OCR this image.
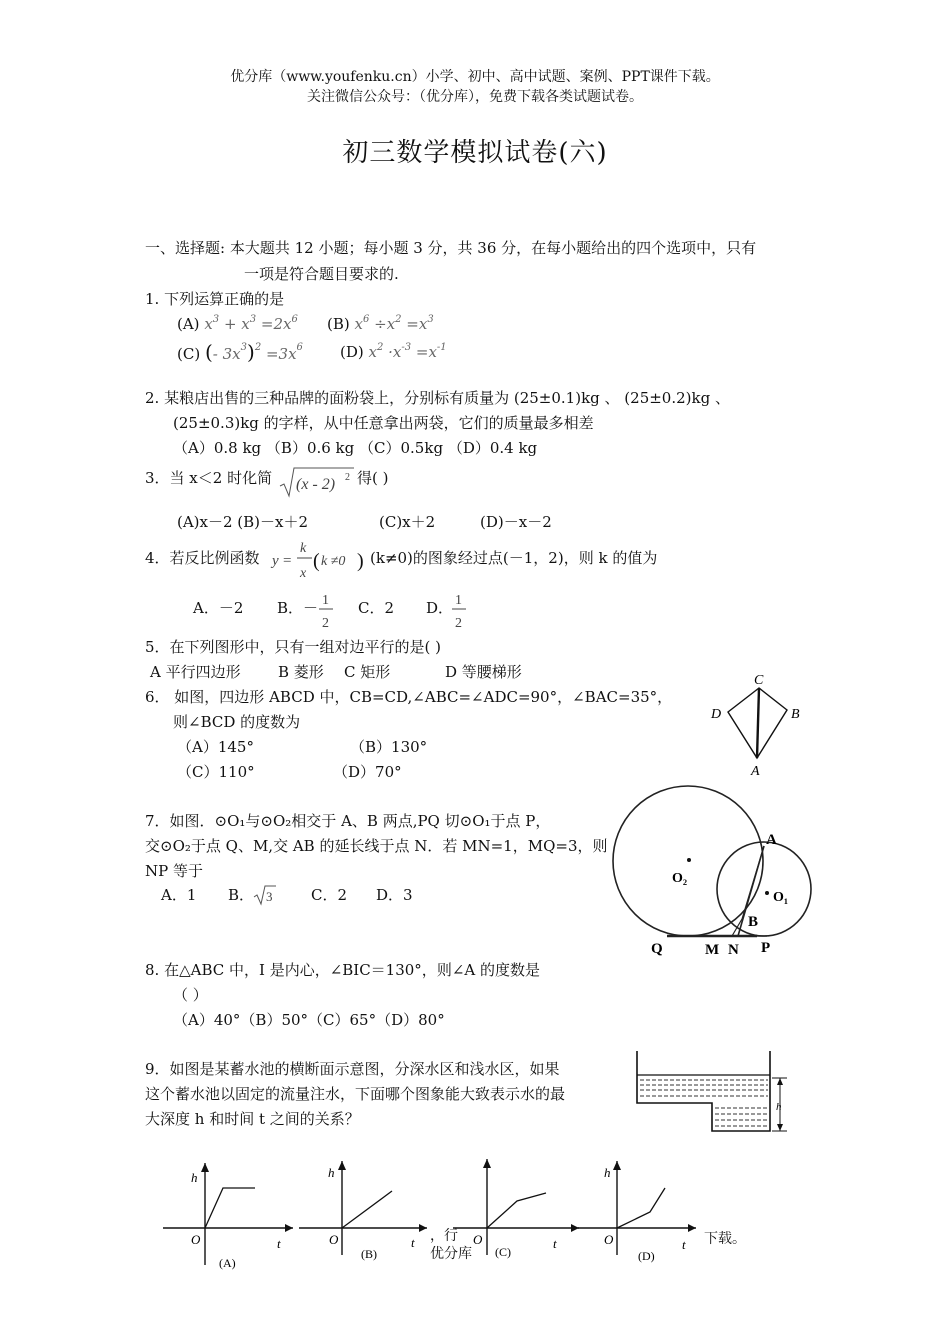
优分库（www.youfenku.cn）小学、初中、高中试题、案例、PPT课件下载。
关注微信公众号：（优分库），免费下载各类试题试卷。
初三数学模拟试卷(六)
一、选择题: 本大题共 12 小题；每小题 3 分，共 36 分，在每小题给出的四个选项中，只有
一项是符合题目要求的.
1. 下列运算正确的是
(A) $x^3 + x^3 =2x^6$ (B) $x^6 \div x^2 =x^3$
(C) (- $3x^3)^2 =3x^6$ (D) $x^2 \cdot x^{-3} =x^{-1}$
2. 某粮店出售的三种品牌的面粉袋上，分别标有质量为 (25±0.1)kg 、 (25±0.2)kg 、
(25±0.3)kg 的字样，从中任意拿出两袋，它们的质量最多相差
（A）0.8 kg （B）0.6 kg （C）0.5kg （D）0.4 kg
3．当 x＜2 时化简 (x - 2) 2 得( )
(A)x－2 (B)－x＋2	(C)x＋2	(D)－x－2
4．若反比例函数 y =
k
x
( k ≠0 ) (k≠0)的图象经过点(－1，2)，则 k 的值为
A．－2 B．－ 1
2
C．2 D． 1
2
5．在下列图形中，只有一组对边平行的是( )
A 平行四边形 B 菱形 C 矩形	D 等腰梯形
6． 如图，四边形 ABCD 中，CB=CD,∠ABC=∠ADC=90°，∠BAC=35°，
则∠BCD 的度数为
（A）145°	（B）130°
（C）110°	（D）70°
C
D	B
A
7．如图．⊙O₁与⊙O₂相交于 A、B 两点,PQ 切⊙O₁于点 P，
交⊙O₂于点 Q、M,交 AB 的延长线于点 N．若 MN=1，MQ=3，则
NP 等于
A．1 B． 3	C．2 D．3
A
B
O₂
O₁
Q	M N P
8. 在△ABC 中，I 是内心，∠BIC＝130°，则∠A 的度数是
（ ）
（A）40°（B）50°（C）65°（D）80°
9．如图是某蓄水池的横断面示意图，分深水区和浅水区，如果
这个蓄水池以固定的流量注水，下面哪个图象能大致表示水的最
大深度 h 和时间 t 之间的关系？
h
h
O	t
(A)
h
O	t
(B)
，行
优分库
O	t
(C)
h
O	t
(D)
下载。
